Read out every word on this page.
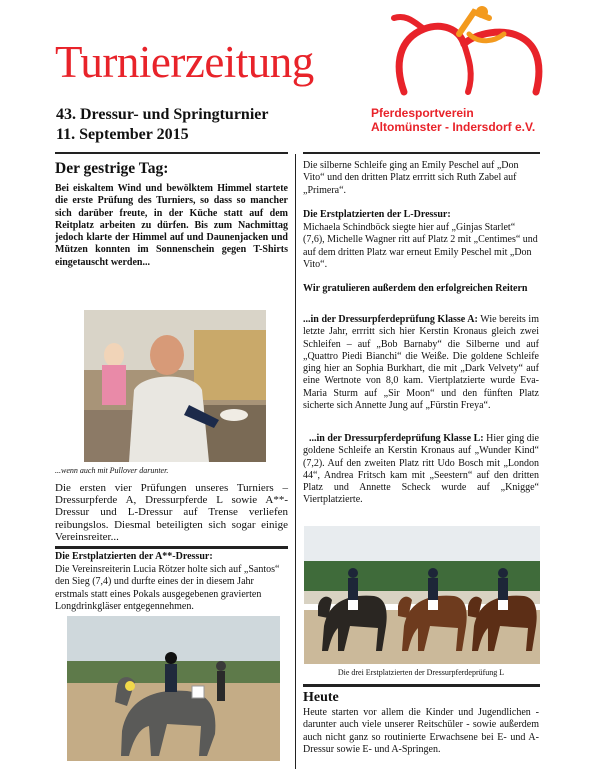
Turnierzeitung
Pferdesportverein
Altomünster - Indersdorf e.V.
43. Dressur- und Springturnier
11. September 2015
Der gestrige Tag:

Bei eiskaltem Wind und bewölktem Himmel startete die erste Prüfung des Turniers, so dass so mancher sich darüber freute, in der Küche statt auf dem Reitplatz arbeiten zu dürfen. Bis zum Nachmittag jedoch klarte der Himmel auf und Daunenjacken und Mützen konnten im Sonnenschein gegen T-Shirts eingetauscht werden...

...wenn auch mit Pullover darunter.

Die ersten vier Prüfungen unseres Turniers – Dressurpferde A, Dressurpferde L sowie A**-Dressur und L-Dressur auf Trense verliefen reibungslos. Diesmal beteiligten sich sogar einige Vereinsreiter...

Die Erstplatzierten der A**-Dressur:

Die Vereinsreiterin Lucia Rötzer holte sich auf „Santos“ den Sieg (7,4) und durfte eines der in diesem Jahr erstmals statt eines Pokals ausgegebenen gravierten Longdrinkgläser entgegennehmen.

Die silberne Schleife ging an Emily Peschel auf „Don Vito“ und den dritten Platz errritt sich Ruth Zabel auf „Primera“.

Die Erstplatzierten der L-Dressur:

Michaela Schindböck siegte hier auf „Ginjas Starlet“ (7,6), Michelle Wagner ritt auf Platz 2 mit „Centimes“ und auf dem dritten Platz war erneut Emily Peschel mit „Don Vito“.

Wir gratulieren außerdem den erfolgreichen Reitern

...in der Dressurpferdeprüfung Klasse A: Wie bereits im letzte Jahr, errritt sich hier Kerstin Kronaus gleich zwei Schleifen – auf „Bob Barnaby“ die Silberne und auf „Quattro Piedi Bianchi“ die Weiße. Die goldene Schleife ging hier an Sophia Burkhart, die mit „Dark Velvety“ auf eine Wertnote von 8,0 kam. Viertplatzierte wurde Eva-Maria Sturm auf „Sir Moon“ und den fünften Platz sicherte sich Annette Jung auf „Fürstin Freya“.

...in der Dressurpferdeprüfung Klasse L: Hier ging die goldene Schleife an Kerstin Kronaus auf „Wunder Kind“ (7,2). Auf den zweiten Platz ritt Udo Bosch mit „London 44“, Andrea Fritsch kam mit „Seestern“ auf den dritten Platz und Annette Scheck wurde auf „Knigge“ Viertplatzierte.

Die drei Erstplatzierten der Dressurpferdeprüfung L
Heute

Heute starten vor allem die Kinder und Jugendlichen - darunter auch viele unserer Reitschüler - sowie außerdem auch nicht ganz so routinierte Erwachsene bei E- und A-Dressur sowie E- und A-Springen.
